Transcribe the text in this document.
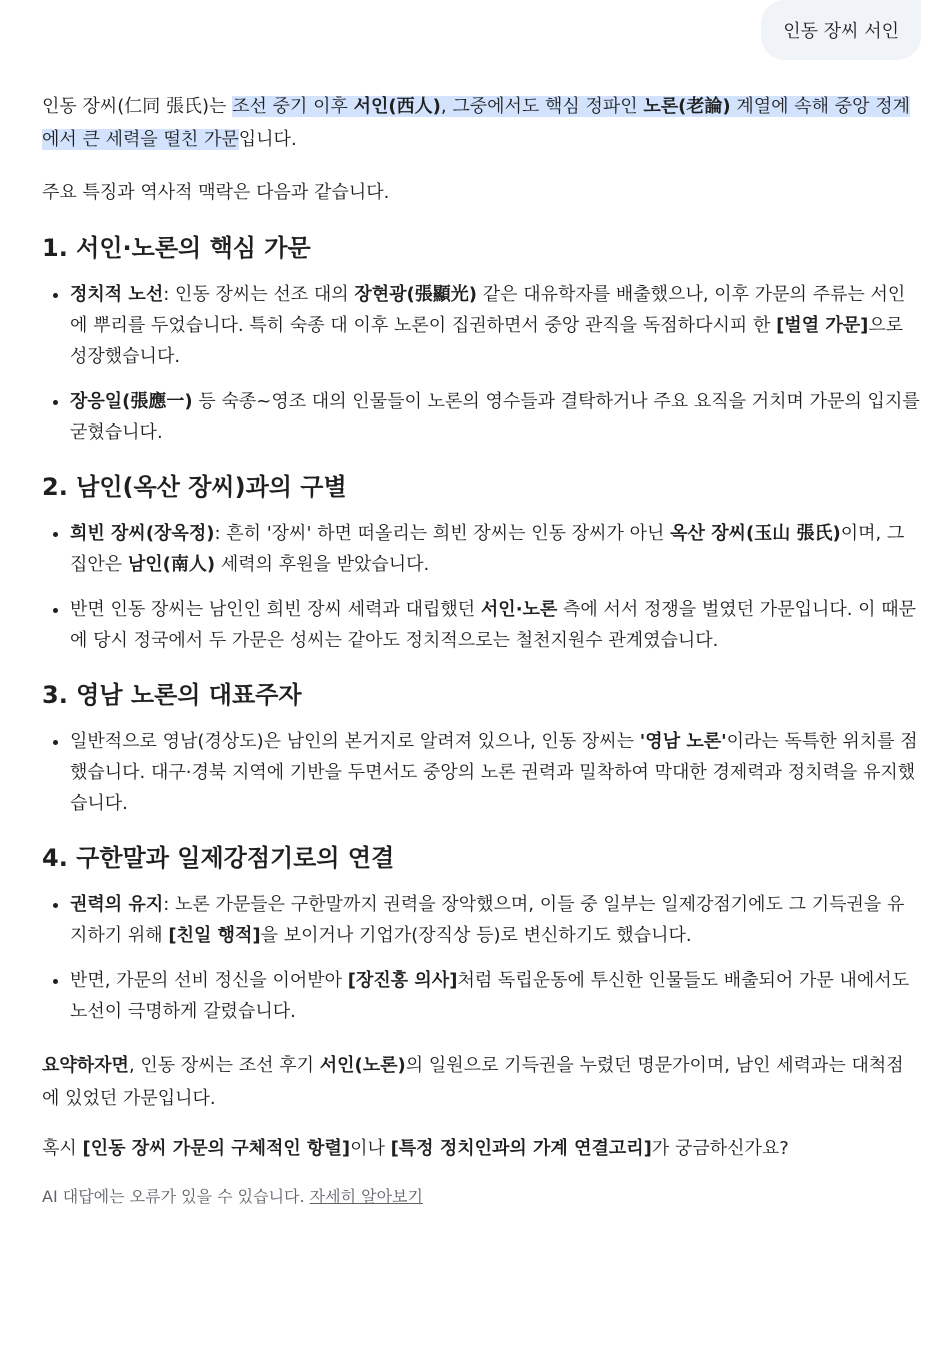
인동 장씨 서인

인동 장씨(仁同 張氏)는 조선 중기 이후 서인(西人), 그중에서도 핵심 정파인 노론(老論) 계열에 속해 중앙 정계에서 큰 세력을 떨친 가문입니다.

주요 특징과 역사적 맥락은 다음과 같습니다.

1. 서인·노론의 핵심 가문
• 정치적 노선: 인동 장씨는 선조 대의 장현광(張顯光) 같은 대유학자를 배출했으나, 이후 가문의 주류는 서인에 뿌리를 두었습니다. 특히 숙종 대 이후 노론이 집권하면서 중앙 관직을 독점하다시피 한 [벌열 가문]으로 성장했습니다.
• 장응일(張應一) 등 숙종~영조 대의 인물들이 노론의 영수들과 결탁하거나 주요 요직을 거치며 가문의 입지를 굳혔습니다.
2. 남인(옥산 장씨)과의 구별
• 희빈 장씨(장옥정): 흔히 '장씨' 하면 떠올리는 희빈 장씨는 인동 장씨가 아닌 옥산 장씨(玉山 張氏)이며, 그 집안은 남인(南人) 세력의 후원을 받았습니다.
• 반면 인동 장씨는 남인인 희빈 장씨 세력과 대립했던 서인·노론 측에 서서 정쟁을 벌였던 가문입니다. 이 때문에 당시 정국에서 두 가문은 성씨는 같아도 정치적으로는 철천지원수 관계였습니다.
3. 영남 노론의 대표주자
• 일반적으로 영남(경상도)은 남인의 본거지로 알려져 있으나, 인동 장씨는 '영남 노론'이라는 독특한 위치를 점했습니다. 대구·경북 지역에 기반을 두면서도 중앙의 노론 권력과 밀착하여 막대한 경제력과 정치력을 유지했습니다.
4. 구한말과 일제강점기로의 연결
• 권력의 유지: 노론 가문들은 구한말까지 권력을 장악했으며, 이들 중 일부는 일제강점기에도 그 기득권을 유지하기 위해 [친일 행적]을 보이거나 기업가(장직상 등)로 변신하기도 했습니다.
• 반면, 가문의 선비 정신을 이어받아 [장진홍 의사]처럼 독립운동에 투신한 인물들도 배출되어 가문 내에서도 노선이 극명하게 갈렸습니다.

요약하자면, 인동 장씨는 조선 후기 서인(노론)의 일원으로 기득권을 누렸던 명문가이며, 남인 세력과는 대척점에 있었던 가문입니다.

혹시 [인동 장씨 가문의 구체적인 항렬]이나 [특정 정치인과의 가계 연결고리]가 궁금하신가요?

AI 대답에는 오류가 있을 수 있습니다. 자세히 알아보기
